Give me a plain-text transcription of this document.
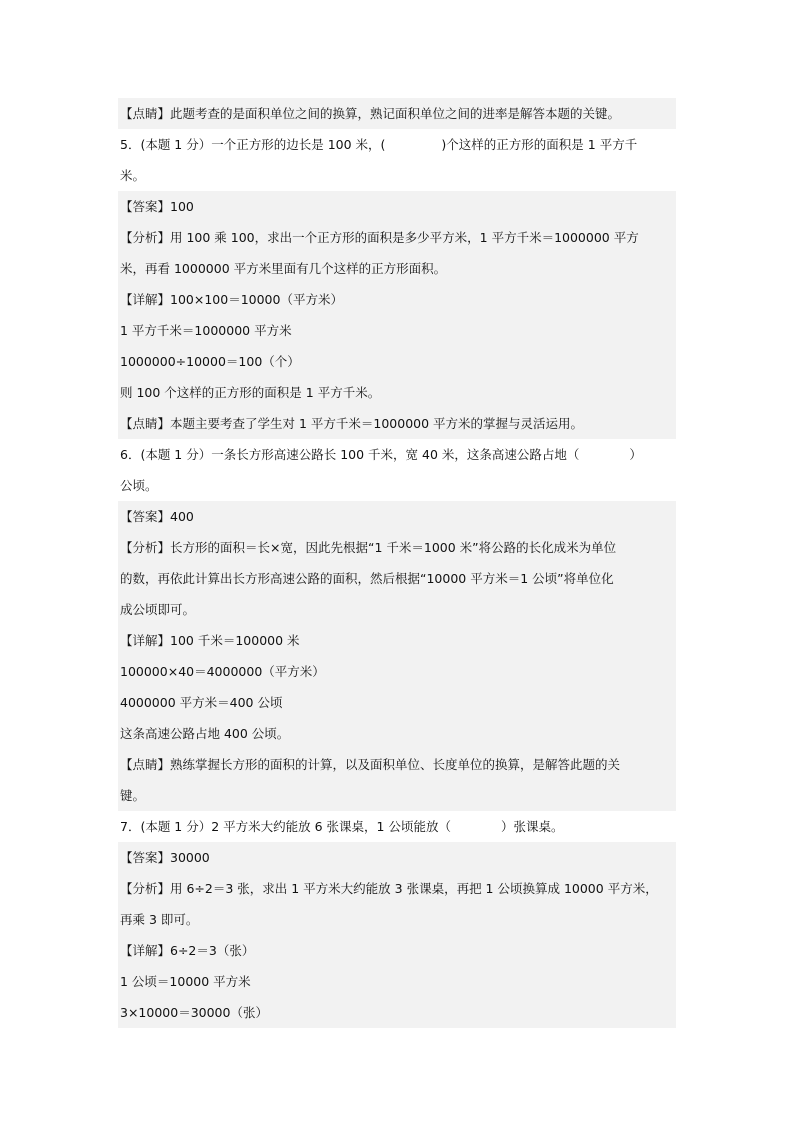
【点睛】此题考查的是面积单位之间的换算，熟记面积单位之间的进率是解答本题的关键。
5．(本题 1 分）一个正方形的边长是 100 米，(	)个这样的正方形的面积是 1 平方千
米。
【答案】100
【分析】用 100 乘 100，求出一个正方形的面积是多少平方米，1 平方千米＝1000000 平方
米，再看 1000000 平方米里面有几个这样的正方形面积。
【详解】100×100＝10000（平方米）
1 平方千米＝1000000 平方米
1000000÷10000＝100（个）
则 100 个这样的正方形的面积是 1 平方千米。
【点睛】本题主要考查了学生对 1 平方千米＝1000000 平方米的掌握与灵活运用。
6．(本题 1 分）一条长方形高速公路长 100 千米，宽 40 米，这条高速公路占地（	）
公顷。
【答案】400
【分析】长方形的面积＝长×宽，因此先根据“1 千米＝1000 米”将公路的长化成米为单位
的数，再依此计算出长方形高速公路的面积，然后根据“10000 平方米＝1 公顷”将单位化
成公顷即可。
【详解】100 千米＝100000 米
100000×40＝4000000（平方米）
4000000 平方米＝400 公顷
这条高速公路占地 400 公顷。
【点睛】熟练掌握长方形的面积的计算，以及面积单位、长度单位的换算，是解答此题的关
键。
7．(本题 1 分）2 平方米大约能放 6 张课桌，1 公顷能放（	）张课桌。
【答案】30000
【分析】用 6÷2＝3 张，求出 1 平方米大约能放 3 张课桌，再把 1 公顷换算成 10000 平方米，
再乘 3 即可。
【详解】6÷2＝3（张）
1 公顷＝10000 平方米
3×10000＝30000（张）
